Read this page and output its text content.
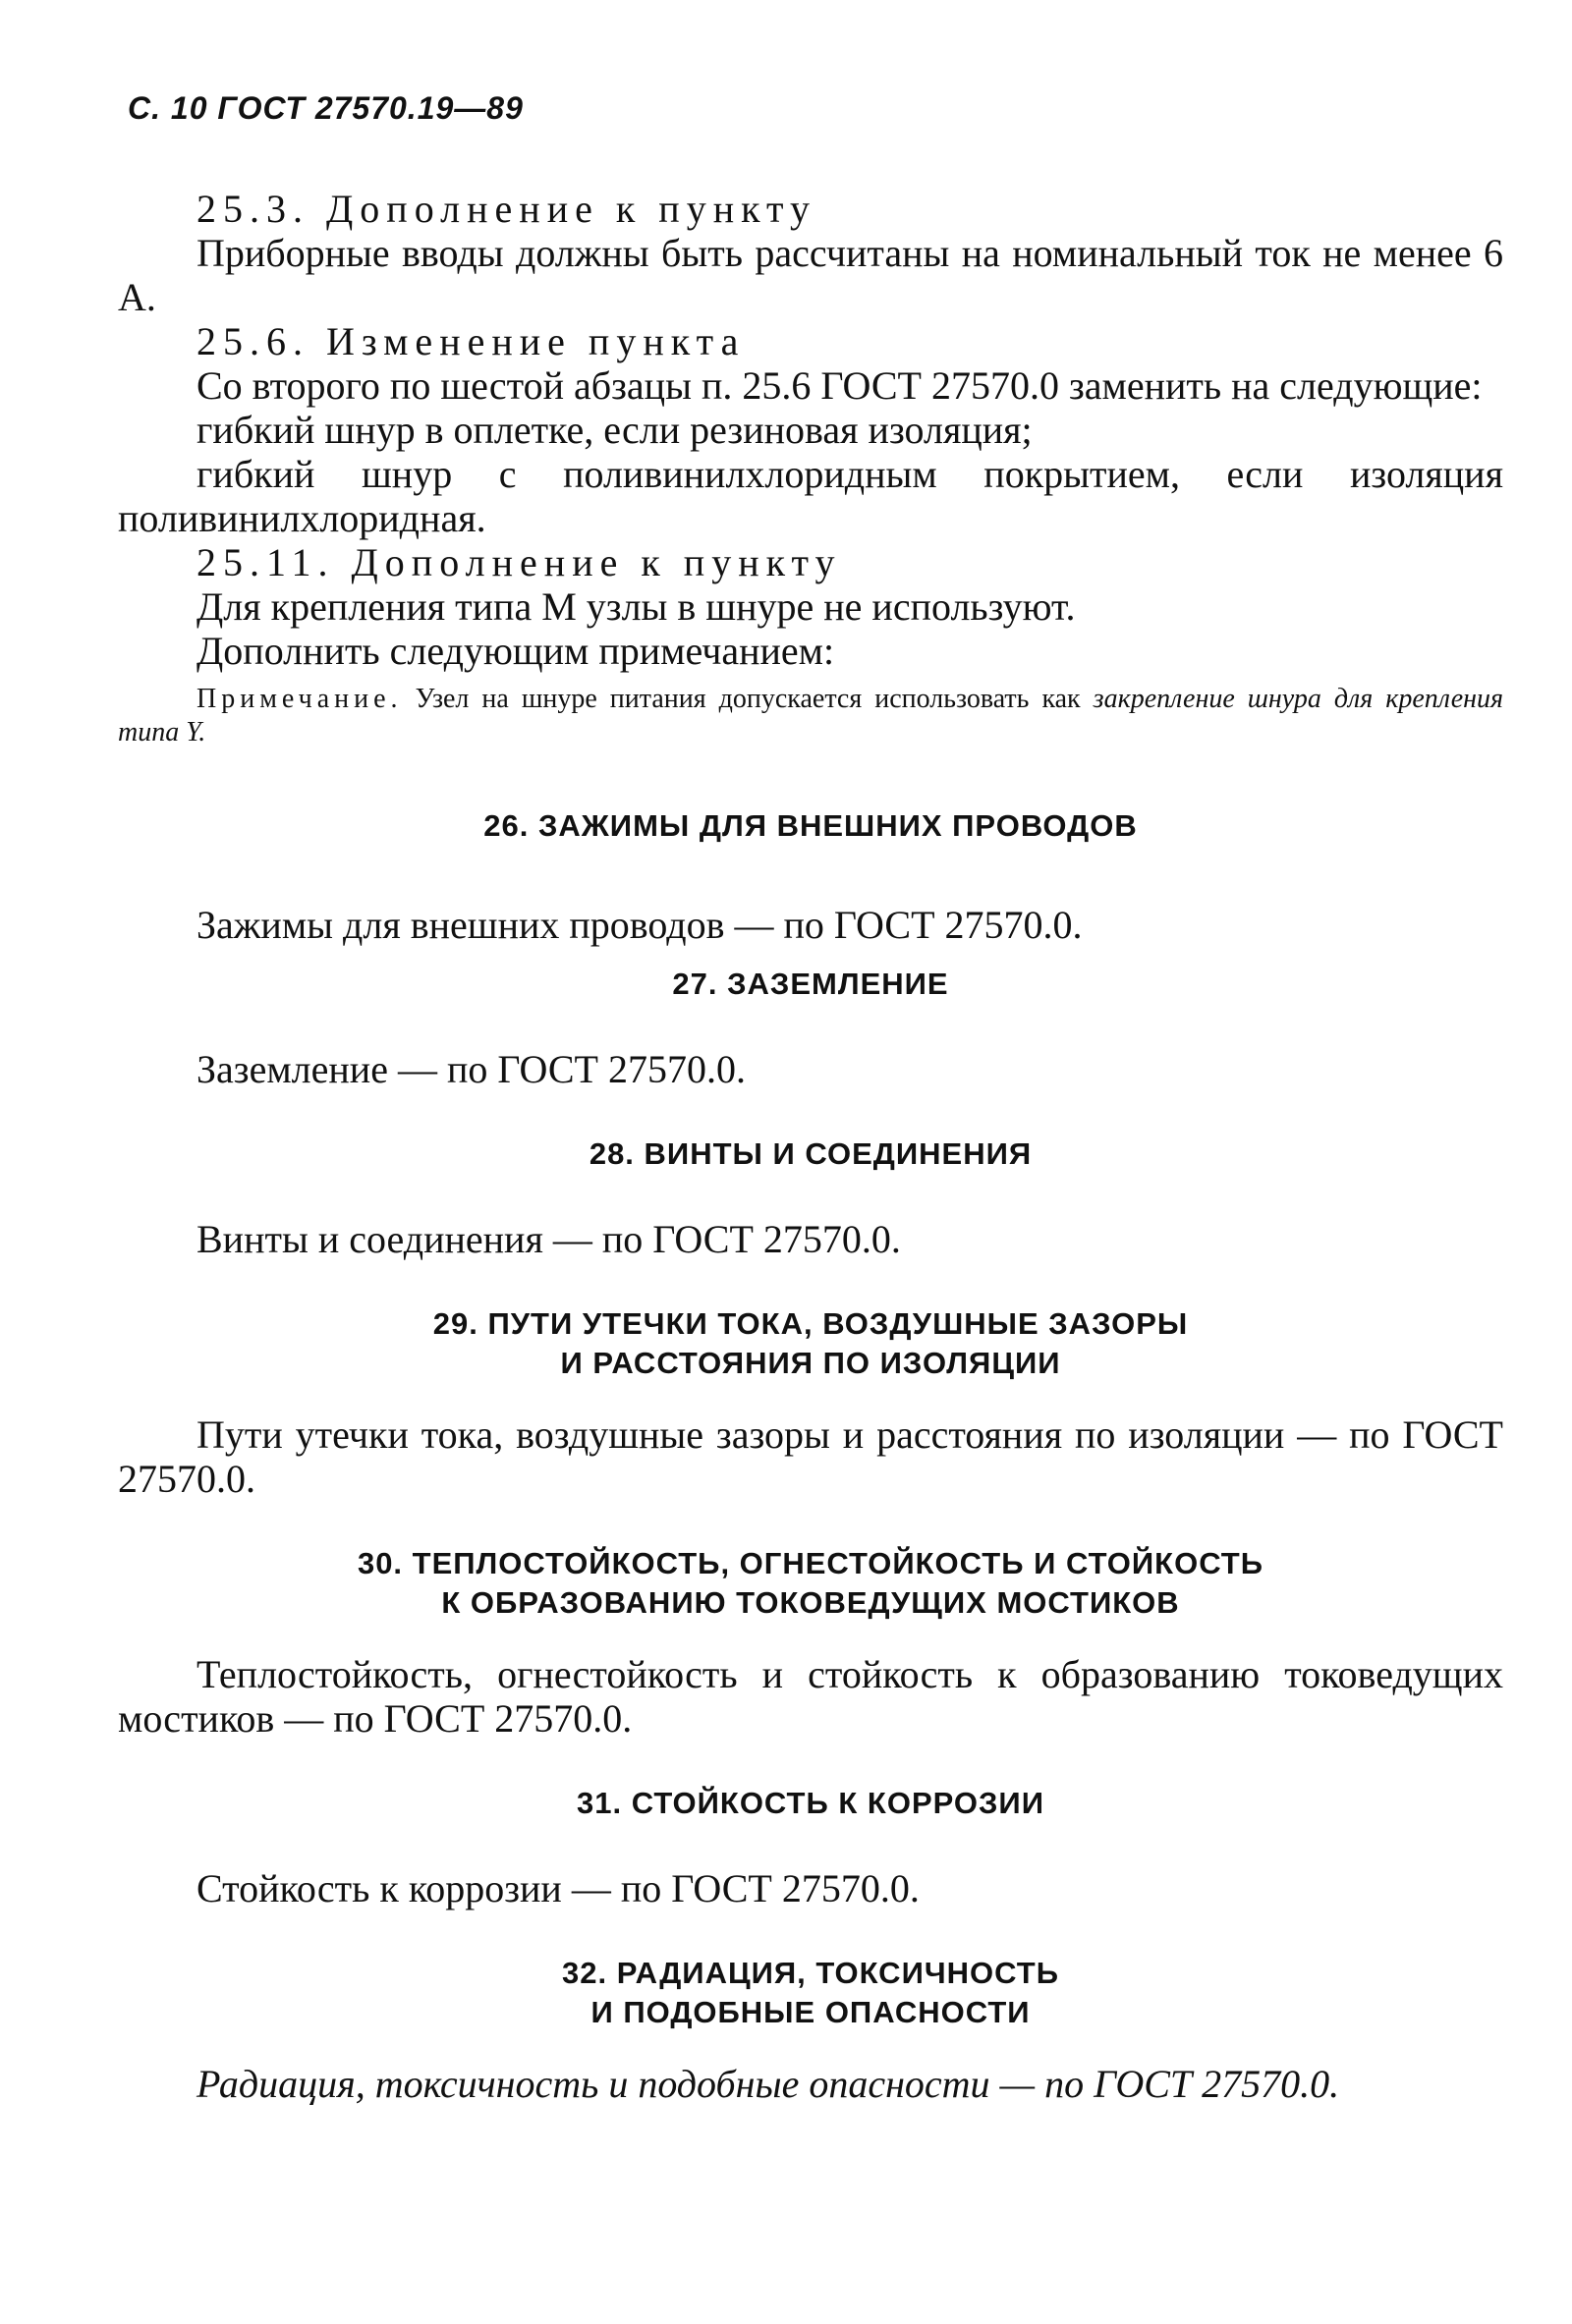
С. 10 ГОСТ 27570.19—89

25.3. Дополнение к пункту

Приборные вводы должны быть рассчитаны на номинальный ток не менее 6 А.

25.6. Изменение пункта

Со второго по шестой абзацы п. 25.6 ГОСТ 27570.0 заменить на следующие:

гибкий шнур в оплетке, если резиновая изоляция;

гибкий шнур с поливинилхлоридным покрытием, если изоляция поливинилхлоридная.

25.11. Дополнение к пункту

Для крепления типа М узлы в шнуре не используют.

Дополнить следующим примечанием:

Примечание. Узел на шнуре питания допускается использовать как закрепление шнура для крепления типа Y.

26. ЗАЖИМЫ ДЛЯ ВНЕШНИХ ПРОВОДОВ

Зажимы для внешних проводов — по ГОСТ 27570.0.

27. ЗАЗЕМЛЕНИЕ

Заземление — по ГОСТ 27570.0.

28. ВИНТЫ И СОЕДИНЕНИЯ

Винты и соединения — по ГОСТ 27570.0.

29. ПУТИ УТЕЧКИ ТОКА, ВОЗДУШНЫЕ ЗАЗОРЫ

И РАССТОЯНИЯ ПО ИЗОЛЯЦИИ

Пути утечки тока, воздушные зазоры и расстояния по изоляции — по ГОСТ 27570.0.

30. ТЕПЛОСТОЙКОСТЬ, ОГНЕСТОЙКОСТЬ И СТОЙКОСТЬ

К ОБРАЗОВАНИЮ ТОКОВЕДУЩИХ МОСТИКОВ

Теплостойкость, огнестойкость и стойкость к образованию токоведущих мостиков — по ГОСТ 27570.0.

31. СТОЙКОСТЬ К КОРРОЗИИ

Стойкость к коррозии — по ГОСТ 27570.0.

32. РАДИАЦИЯ, ТОКСИЧНОСТЬ

И ПОДОБНЫЕ ОПАСНОСТИ

Радиация, токсичность и подобные опасности — по ГОСТ 27570.0.
